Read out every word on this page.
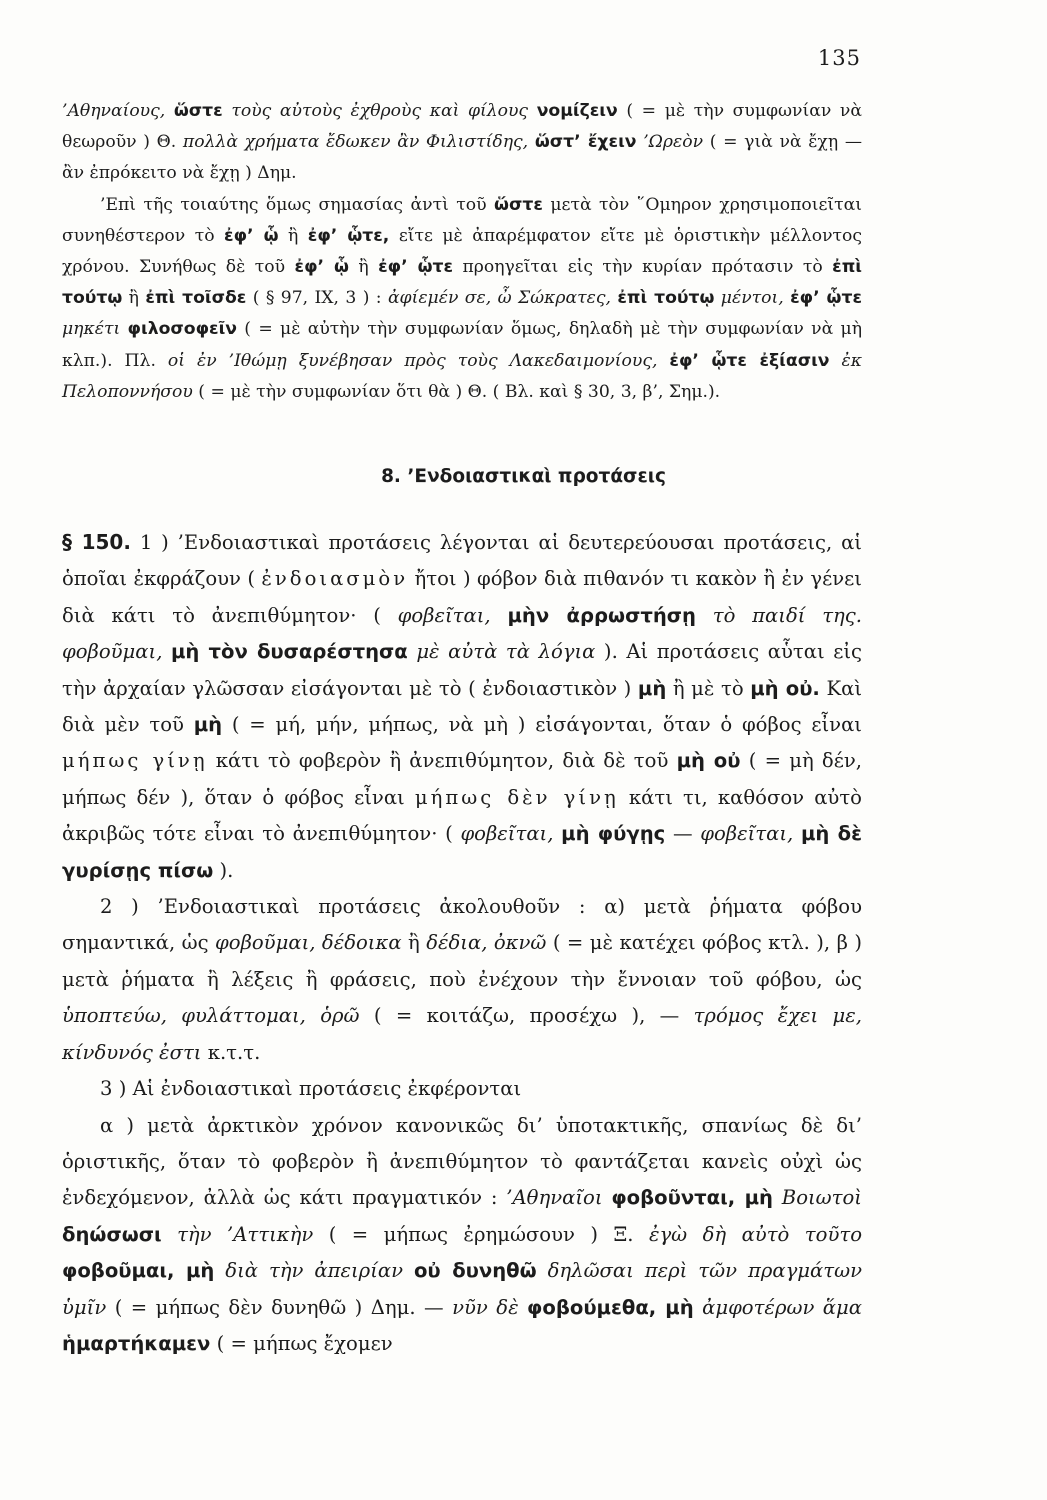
135

’Αθηναίους, ὥστε τοὺς αὐτοὺς ἐχθροὺς καὶ φίλους νομίζειν ( = μὲ τὴν συμφωνίαν νὰ θεωροῦν ) Θ. πολλὰ χρήματα ἔδωκεν ἂν Φιλιστίδης, ὥστ’ ἔχειν ’Ωρεὸν ( = γιὰ νὰ ἔχῃ — ἂν ἐπρόκειτο νὰ ἔχῃ ) Δημ.

’Επὶ τῆς τοιαύτης ὅμως σημασίας ἀντὶ τοῦ ὥστε μετὰ τὸν ῞Ομηρον χρησιμοποιεῖται συνηθέστερον τὸ ἐφ’ ᾧ ἢ ἐφ’ ᾧτε, εἴτε μὲ ἀπαρέμφατον εἴτε μὲ ὁριστικὴν μέλλοντος χρόνου. Συνήθως δὲ τοῦ ἐφ’ ᾧ ἢ ἐφ’ ᾧτε προηγεῖται εἰς τὴν κυρίαν πρότασιν τὸ ἐπὶ τούτῳ ἢ ἐπὶ τοῖσδε ( § 97, IX, 3 ) : ἀφίεμέν σε, ὦ Σώκρατες, ἐπὶ τούτῳ μέντοι, ἐφ’ ᾧτε μηκέτι φιλοσοφεῖν ( = μὲ αὐτὴν τὴν συμφωνίαν ὅμως, δηλαδὴ μὲ τὴν συμφωνίαν νὰ μὴ κλπ.). Πλ. οἱ ἐν ’Ιθώμῃ ξυνέβησαν πρὸς τοὺς Λακεδαιμονίους, ἐφ’ ᾧτε ἐξίασιν ἐκ Πελοποννήσου ( = μὲ τὴν συμφωνίαν ὅτι θὰ ) Θ. ( Βλ. καὶ § 30, 3, β’, Σημ.).

8. ’Ενδοιαστικαὶ προτάσεις

§ 150. 1 ) ’Ενδοιαστικαὶ προτάσεις λέγονται αἱ δευτερεύουσαι προτάσεις, αἱ ὁποῖαι ἐκφράζουν ( ἐνδοιασμὸν ἤτοι ) φόβον διὰ πιθανόν τι κακὸν ἢ ἐν γένει διὰ κάτι τὸ ἀνεπιθύμητον· ( φοβεῖται, μὴν ἀρρωστήσῃ τὸ παιδί της. φοβοῦμαι, μὴ τὸν δυσαρέστησα μὲ αὐτὰ τὰ λόγια ). Αἱ προτάσεις αὗται εἰς τὴν ἀρχαίαν γλῶσσαν εἰσάγονται μὲ τὸ ( ἐνδοιαστικὸν ) μὴ ἢ μὲ τὸ μὴ οὐ. Καὶ διὰ μὲν τοῦ μὴ ( = μή, μήν, μήπως, νὰ μὴ ) εἰσάγονται, ὅταν ὁ φόβος εἶναι μήπως γίνῃ κάτι τὸ φοβερὸν ἢ ἀνεπιθύμητον, διὰ δὲ τοῦ μὴ οὐ ( = μὴ δέν, μήπως δέν ), ὅταν ὁ φόβος εἶναι μήπως δὲν γίνῃ κάτι τι, καθόσον αὐτὸ ἀκριβῶς τότε εἶναι τὸ ἀνεπιθύμητον· ( φοβεῖται, μὴ φύγῃς — φοβεῖται, μὴ δὲ γυρίσῃς πίσω ).

2 ) ’Ενδοιαστικαὶ προτάσεις ἀκολουθοῦν : α) μετὰ ῥήματα φόβου σημαντικά, ὡς φοβοῦμαι, δέδοικα ἢ δέδια, ὀκνῶ ( = μὲ κατέχει φόβος κτλ. ), β ) μετὰ ῥήματα ἢ λέξεις ἢ φράσεις, ποὺ ἐνέχουν τὴν ἔννοιαν τοῦ φόβου, ὡς ὑποπτεύω, φυλάττομαι, ὁρῶ ( = κοιτάζω, προσέχω ), — τρόμος ἔχει με, κίνδυνός ἐστι κ.τ.τ.

3 ) Αἱ ἐνδοιαστικαὶ προτάσεις ἐκφέρονται

α ) μετὰ ἀρκτικὸν χρόνον κανονικῶς δι’ ὑποτακτικῆς, σπανίως δὲ δι’ ὁριστικῆς, ὅταν τὸ φοβερὸν ἢ ἀνεπιθύμητον τὸ φαντάζεται κανεὶς οὐχὶ ὡς ἐνδεχόμενον, ἀλλὰ ὡς κάτι πραγματικόν : ’Αθηναῖοι φοβοῦνται, μὴ Βοιωτοὶ δηώσωσι τὴν ’Αττικὴν ( = μήπως ἐρημώσουν ) Ξ. ἐγὼ δὴ αὐτὸ τοῦτο φοβοῦμαι, μὴ διὰ τὴν ἀπειρίαν οὐ δυνηθῶ δηλῶσαι περὶ τῶν πραγμάτων ὑμῖν ( = μήπως δὲν δυνηθῶ ) Δημ. — νῦν δὲ φοβούμεθα, μὴ ἀμφοτέρων ἅμα ἡμαρτήκαμεν ( = μήπως ἔχομεν
